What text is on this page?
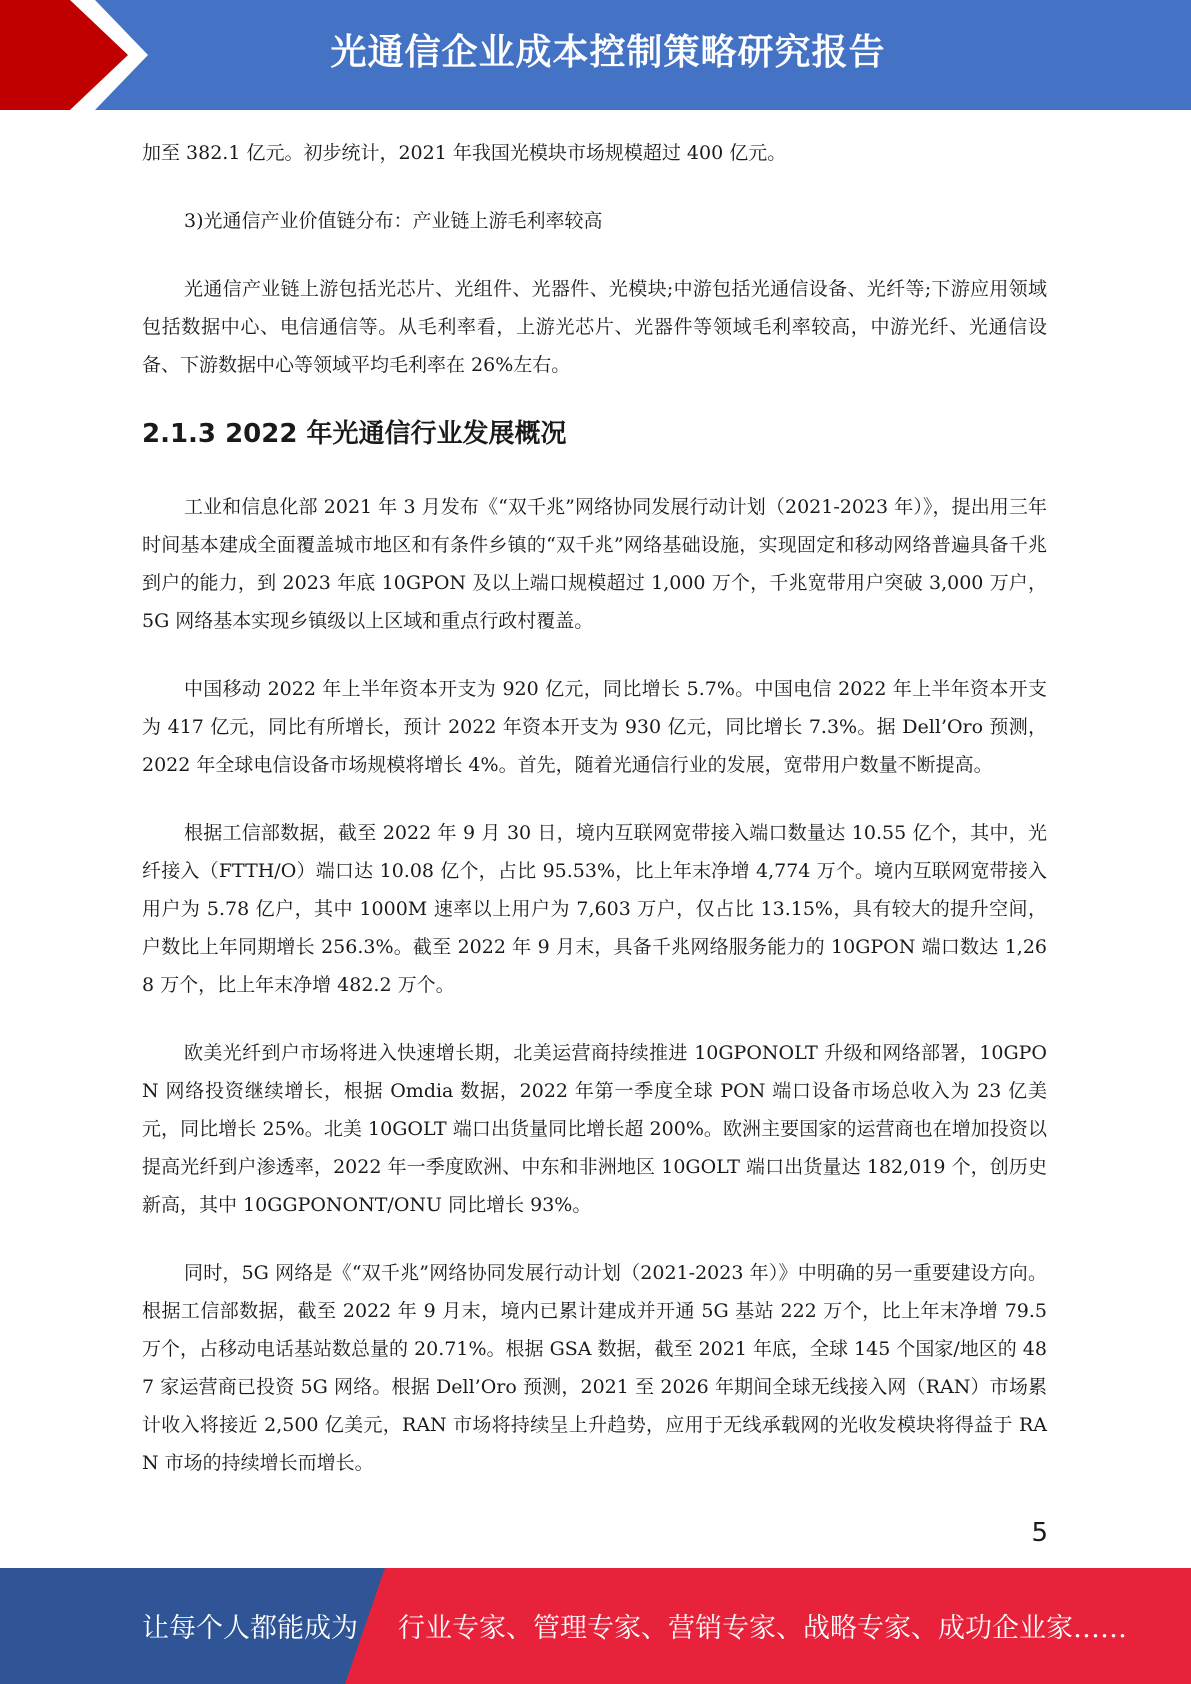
光通信企业成本控制策略研究报告

加至 382.1 亿元。初步统计，2021 年我国光模块市场规模超过 400 亿元。

3)光通信产业价值链分布：产业链上游毛利率较高

光通信产业链上游包括光芯片、光组件、光器件、光模块;中游包括光通信设备、光纤等;下游应用领域包括数据中心、电信通信等。从毛利率看，上游光芯片、光器件等领域毛利率较高，中游光纤、光通信设备、下游数据中心等领域平均毛利率在 26%左右。

2.1.3 2022 年光通信行业发展概况

工业和信息化部 2021 年 3 月发布《“双千兆”网络协同发展行动计划（2021-2023 年）》，提出用三年时间基本建成全面覆盖城市地区和有条件乡镇的“双千兆”网络基础设施，实现固定和移动网络普遍具备千兆到户的能力，到 2023 年底 10GPON 及以上端口规模超过 1,000 万个，千兆宽带用户突破 3,000 万户，5G 网络基本实现乡镇级以上区域和重点行政村覆盖。

中国移动 2022 年上半年资本开支为 920 亿元，同比增长 5.7%。中国电信 2022 年上半年资本开支为 417 亿元，同比有所增长，预计 2022 年资本开支为 930 亿元，同比增长 7.3%。据 Dell’Oro 预测，2022 年全球电信设备市场规模将增长 4%。首先，随着光通信行业的发展，宽带用户数量不断提高。

根据工信部数据，截至 2022 年 9 月 30 日，境内互联网宽带接入端口数量达 10.55 亿个，其中，光纤接入（FTTH/O）端口达 10.08 亿个，占比 95.53%，比上年末净增 4,774 万个。境内互联网宽带接入用户为 5.78 亿户，其中 1000M 速率以上用户为 7,603 万户，仅占比 13.15%，具有较大的提升空间，户数比上年同期增长 256.3%。截至 2022 年 9 月末，具备千兆网络服务能力的 10GPON 端口数达 1,268 万个，比上年末净增 482.2 万个。

欧美光纤到户市场将进入快速增长期，北美运营商持续推进 10GPONOLT 升级和网络部署，10GPON 网络投资继续增长，根据 Omdia 数据，2022 年第一季度全球 PON 端口设备市场总收入为 23 亿美元，同比增长 25%。北美 10GOLT 端口出货量同比增长超 200%。欧洲主要国家的运营商也在增加投资以提高光纤到户渗透率，2022 年一季度欧洲、中东和非洲地区 10GOLT 端口出货量达 182,019 个，创历史新高，其中 10GGPONONT/ONU 同比增长 93%。

同时，5G 网络是《“双千兆”网络协同发展行动计划（2021-2023 年）》中明确的另一重要建设方向。根据工信部数据，截至 2022 年 9 月末，境内已累计建成并开通 5G 基站 222 万个，比上年末净增 79.5 万个，占移动电话基站数总量的 20.71%。根据 GSA 数据，截至 2021 年底，全球 145 个国家/地区的 487 家运营商已投资 5G 网络。根据 Dell’Oro 预测，2021 至 2026 年期间全球无线接入网（RAN）市场累计收入将接近 2,500 亿美元，RAN 市场将持续呈上升趋势，应用于无线承载网的光收发模块将得益于 RAN 市场的持续增长而增长。

5
让每个人都能成为 行业专家、管理专家、营销专家、战略专家、成功企业家……
